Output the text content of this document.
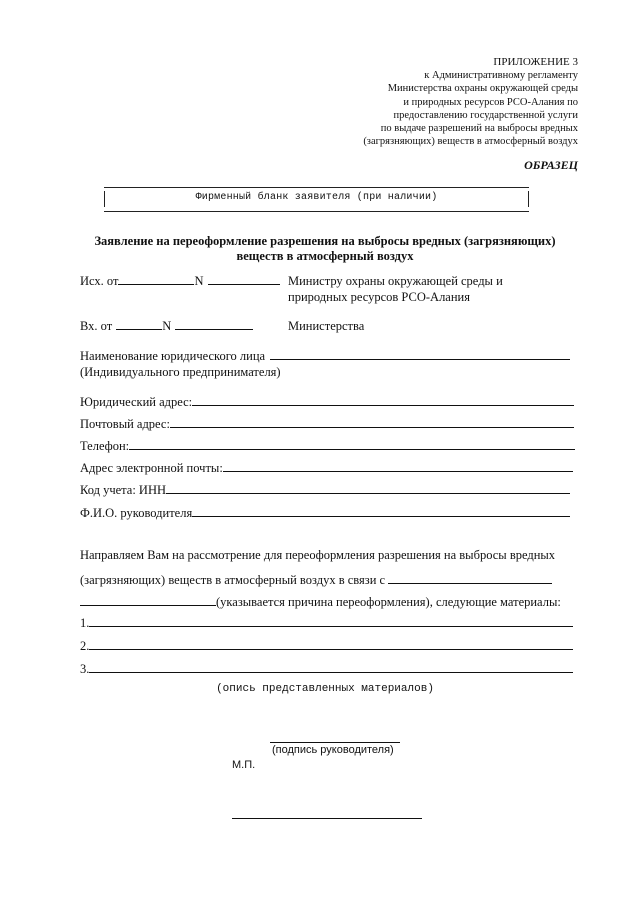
ПРИЛОЖЕНИЕ 3
к Административному регламенту
Министерства охраны окружающей среды
и природных ресурсов РСО-Алания по
предоставлению государственной услуги
по выдаче разрешений на выбросы вредных
(загрязняющих) веществ в атмосферный воздух
ОБРАЗЕЦ
Фирменный бланк заявителя (при наличии)
Заявление на переоформление разрешения на выбросы вредных (загрязняющих)
веществ в атмосферный воздух
Исх. от	N	Министру охраны окружающей среды и
природных ресурсов РСО-Алания
Вх. от	N	Министерства
Наименование юридического лица
(Индивидуального предпринимателя)
Юридический адрес:
Почтовый адрес:
Телефон:
Адрес электронной почты:
Код учета: ИНН
Ф.И.О. руководителя
Направляем Вам на рассмотрение для переоформления разрешения на выбросы вредных
(загрязняющих) веществ в атмосферный воздух в связи с
(указывается причина переоформления), следующие материалы:
1.
2.
3.
(опись представленных материалов)
(подпись руководителя)
М.П.
